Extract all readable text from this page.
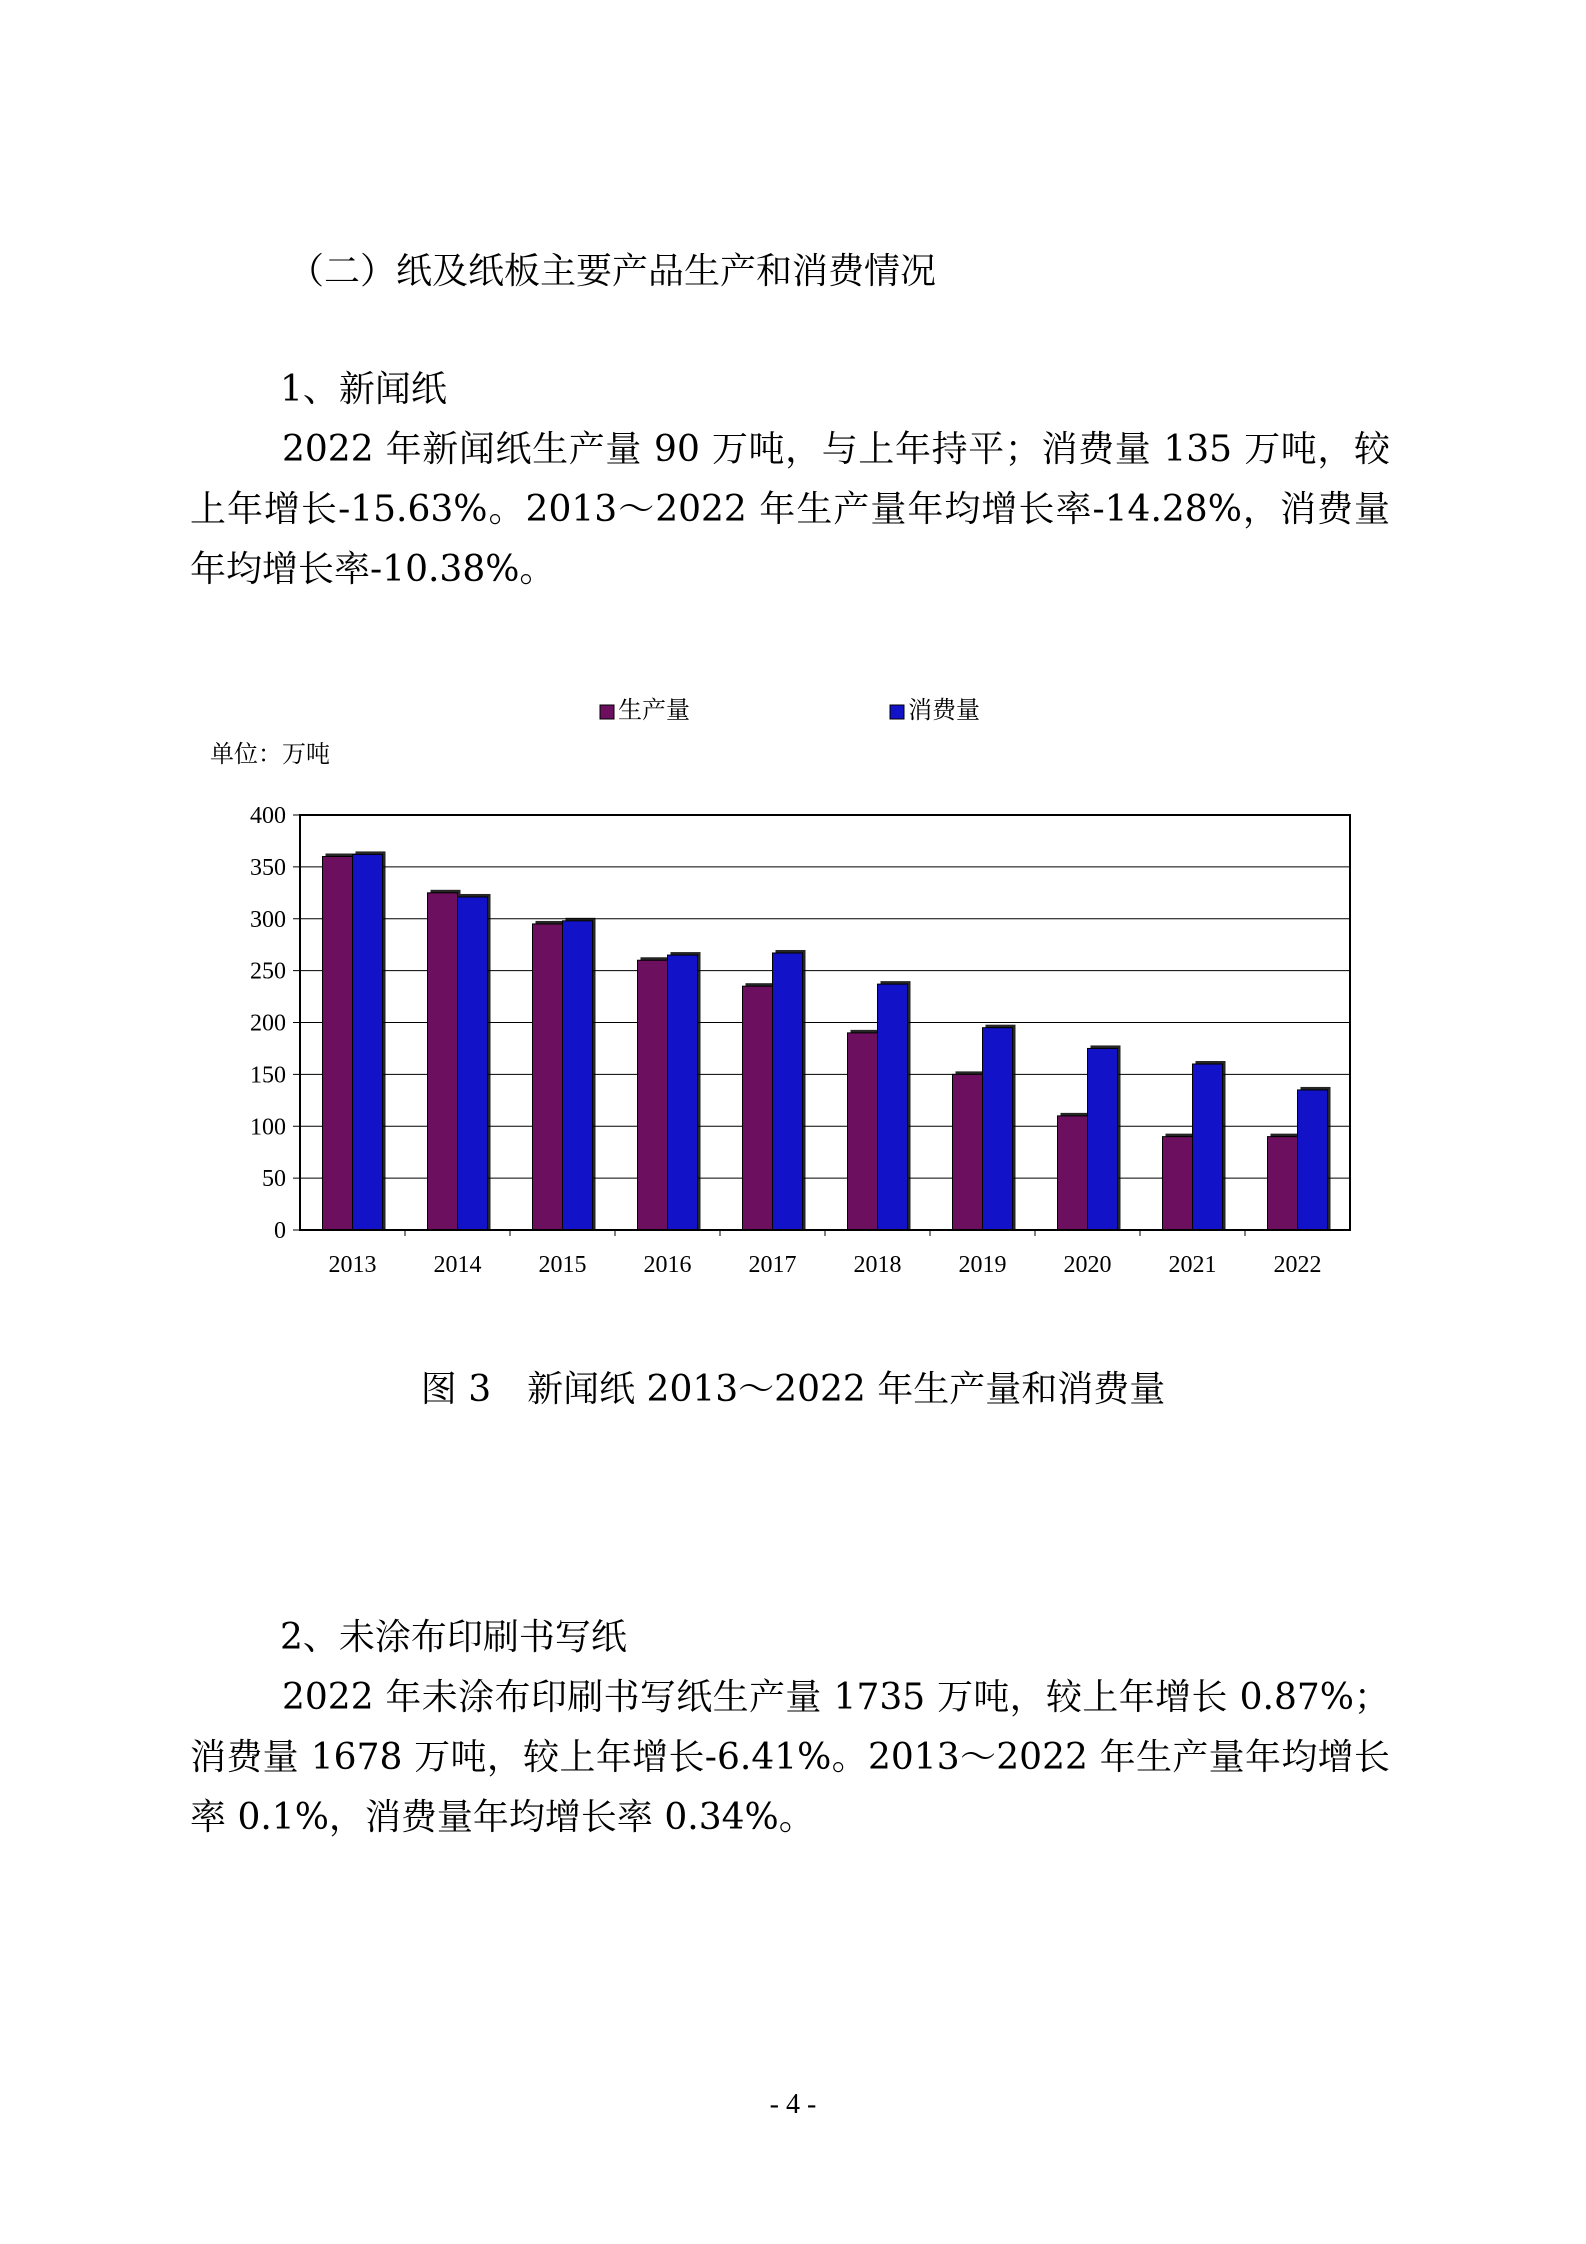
（二）纸及纸板主要产品生产和消费情况
1、新闻纸
2022 年新闻纸生产量 90 万吨，与上年持平；消费量 135 万吨，较上年增长-15.63%。2013～2022 年生产量年均增长率-14.28%，消费量年均增长率-10.38%。
生产量	消费量
单位：万吨
0
50
100
150
200
250
300
350
400
2013 2014 2015 2016 2017 2018 2019 2020 2021 2022
图 3　新闻纸 2013～2022 年生产量和消费量
2、未涂布印刷书写纸
2022 年未涂布印刷书写纸生产量 1735 万吨，较上年增长 0.87%；消费量 1678 万吨，较上年增长-6.41%。2013～2022 年生产量年均增长率 0.1%，消费量年均增长率 0.34%。
- 4 -
